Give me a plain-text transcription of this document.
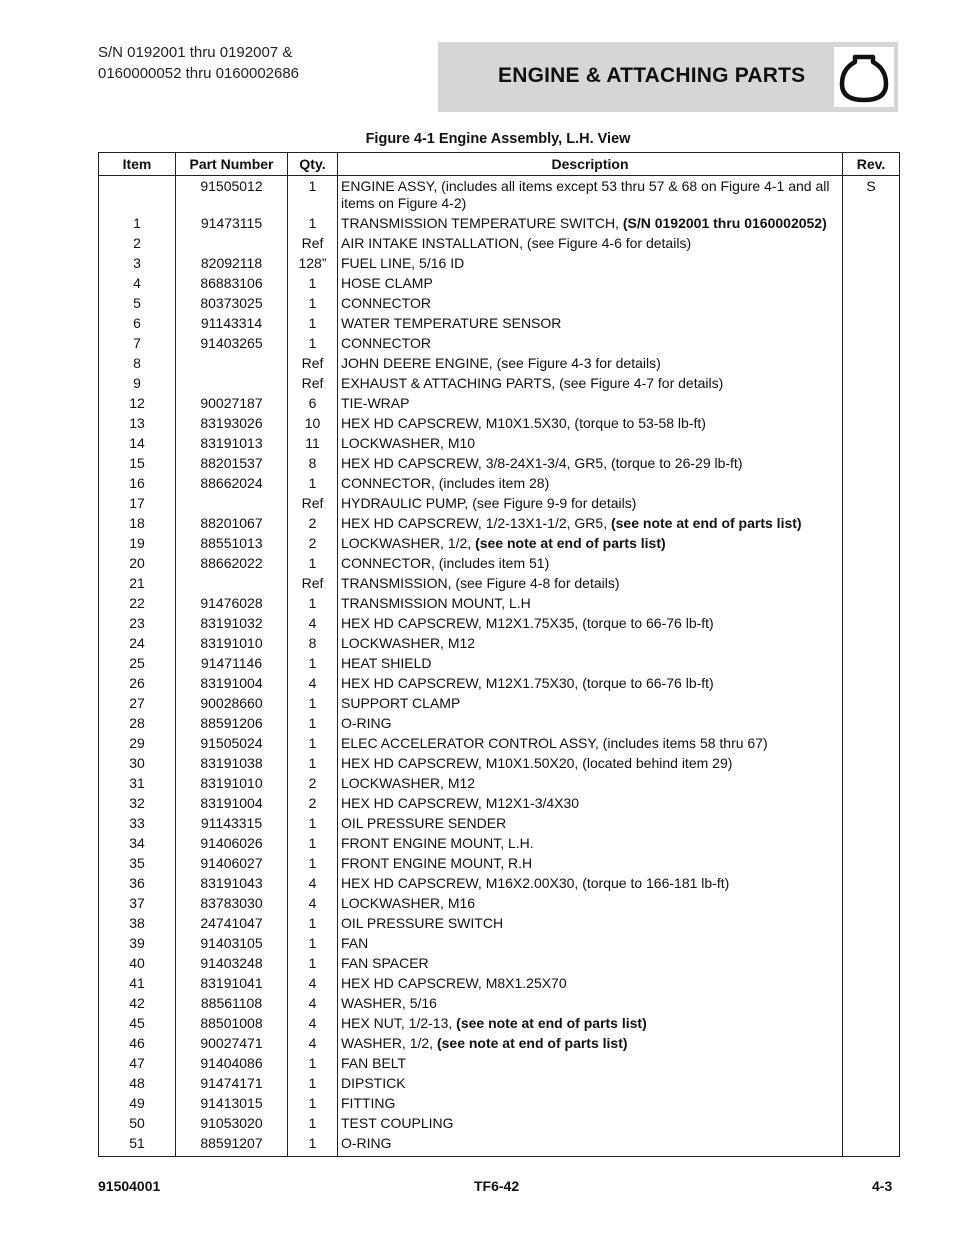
S/N 0192001 thru 0192007 &
0160000052 thru 0160002686	ENGINE & ATTACHING PARTS
Figure 4-1 Engine Assembly, L.H. View
Item	Part Number	Qty.	Description	Rev.
	91505012	1	ENGINE ASSY, (includes all items except 53 thru 57 & 68 on Figure 4-1 and all items on Figure 4-2)	S
1	91473115	1	TRANSMISSION TEMPERATURE SWITCH, (S/N 0192001 thru 0160002052)	
2		Ref	AIR INTAKE INSTALLATION, (see Figure 4-6 for details)	
3	82092118	128”	FUEL LINE, 5/16 ID	
4	86883106	1	HOSE CLAMP	
5	80373025	1	CONNECTOR	
6	91143314	1	WATER TEMPERATURE SENSOR	
7	91403265	1	CONNECTOR	
8		Ref	JOHN DEERE ENGINE, (see Figure 4-3 for details)	
9		Ref	EXHAUST & ATTACHING PARTS, (see Figure 4-7 for details)	
12	90027187	6	TIE-WRAP	
13	83193026	10	HEX HD CAPSCREW, M10X1.5X30, (torque to 53-58 lb-ft)	
14	83191013	11	LOCKWASHER, M10	
15	88201537	8	HEX HD CAPSCREW, 3/8-24X1-3/4, GR5, (torque to 26-29 lb-ft)	
16	88662024	1	CONNECTOR, (includes item 28)	
17		Ref	HYDRAULIC PUMP, (see Figure 9-9 for details)	
18	88201067	2	HEX HD CAPSCREW, 1/2-13X1-1/2, GR5, (see note at end of parts list)	
19	88551013	2	LOCKWASHER, 1/2, (see note at end of parts list)	
20	88662022	1	CONNECTOR, (includes item 51)	
21		Ref	TRANSMISSION, (see Figure 4-8 for details)	
22	91476028	1	TRANSMISSION MOUNT, L.H	
23	83191032	4	HEX HD CAPSCREW, M12X1.75X35, (torque to 66-76 lb-ft)	
24	83191010	8	LOCKWASHER, M12	
25	91471146	1	HEAT SHIELD	
26	83191004	4	HEX HD CAPSCREW, M12X1.75X30, (torque to 66-76 lb-ft)	
27	90028660	1	SUPPORT CLAMP	
28	88591206	1	O-RING	
29	91505024	1	ELEC ACCELERATOR CONTROL ASSY, (includes items 58 thru 67)	
30	83191038	1	HEX HD CAPSCREW, M10X1.50X20, (located behind item 29)	
31	83191010	2	LOCKWASHER, M12	
32	83191004	2	HEX HD CAPSCREW, M12X1-3/4X30	
33	91143315	1	OIL PRESSURE SENDER	
34	91406026	1	FRONT ENGINE MOUNT, L.H.	
35	91406027	1	FRONT ENGINE MOUNT, R.H	
36	83191043	4	HEX HD CAPSCREW, M16X2.00X30, (torque to 166-181 lb-ft)	
37	83783030	4	LOCKWASHER, M16	
38	24741047	1	OIL PRESSURE SWITCH	
39	91403105	1	FAN	
40	91403248	1	FAN SPACER	
41	83191041	4	HEX HD CAPSCREW, M8X1.25X70	
42	88561108	4	WASHER, 5/16	
45	88501008	4	HEX NUT, 1/2-13, (see note at end of parts list)	
46	90027471	4	WASHER, 1/2, (see note at end of parts list)	
47	91404086	1	FAN BELT	
48	91474171	1	DIPSTICK	
49	91413015	1	FITTING	
50	91053020	1	TEST COUPLING	
51	88591207	1	O-RING	
91504001	TF6-42	4-3
